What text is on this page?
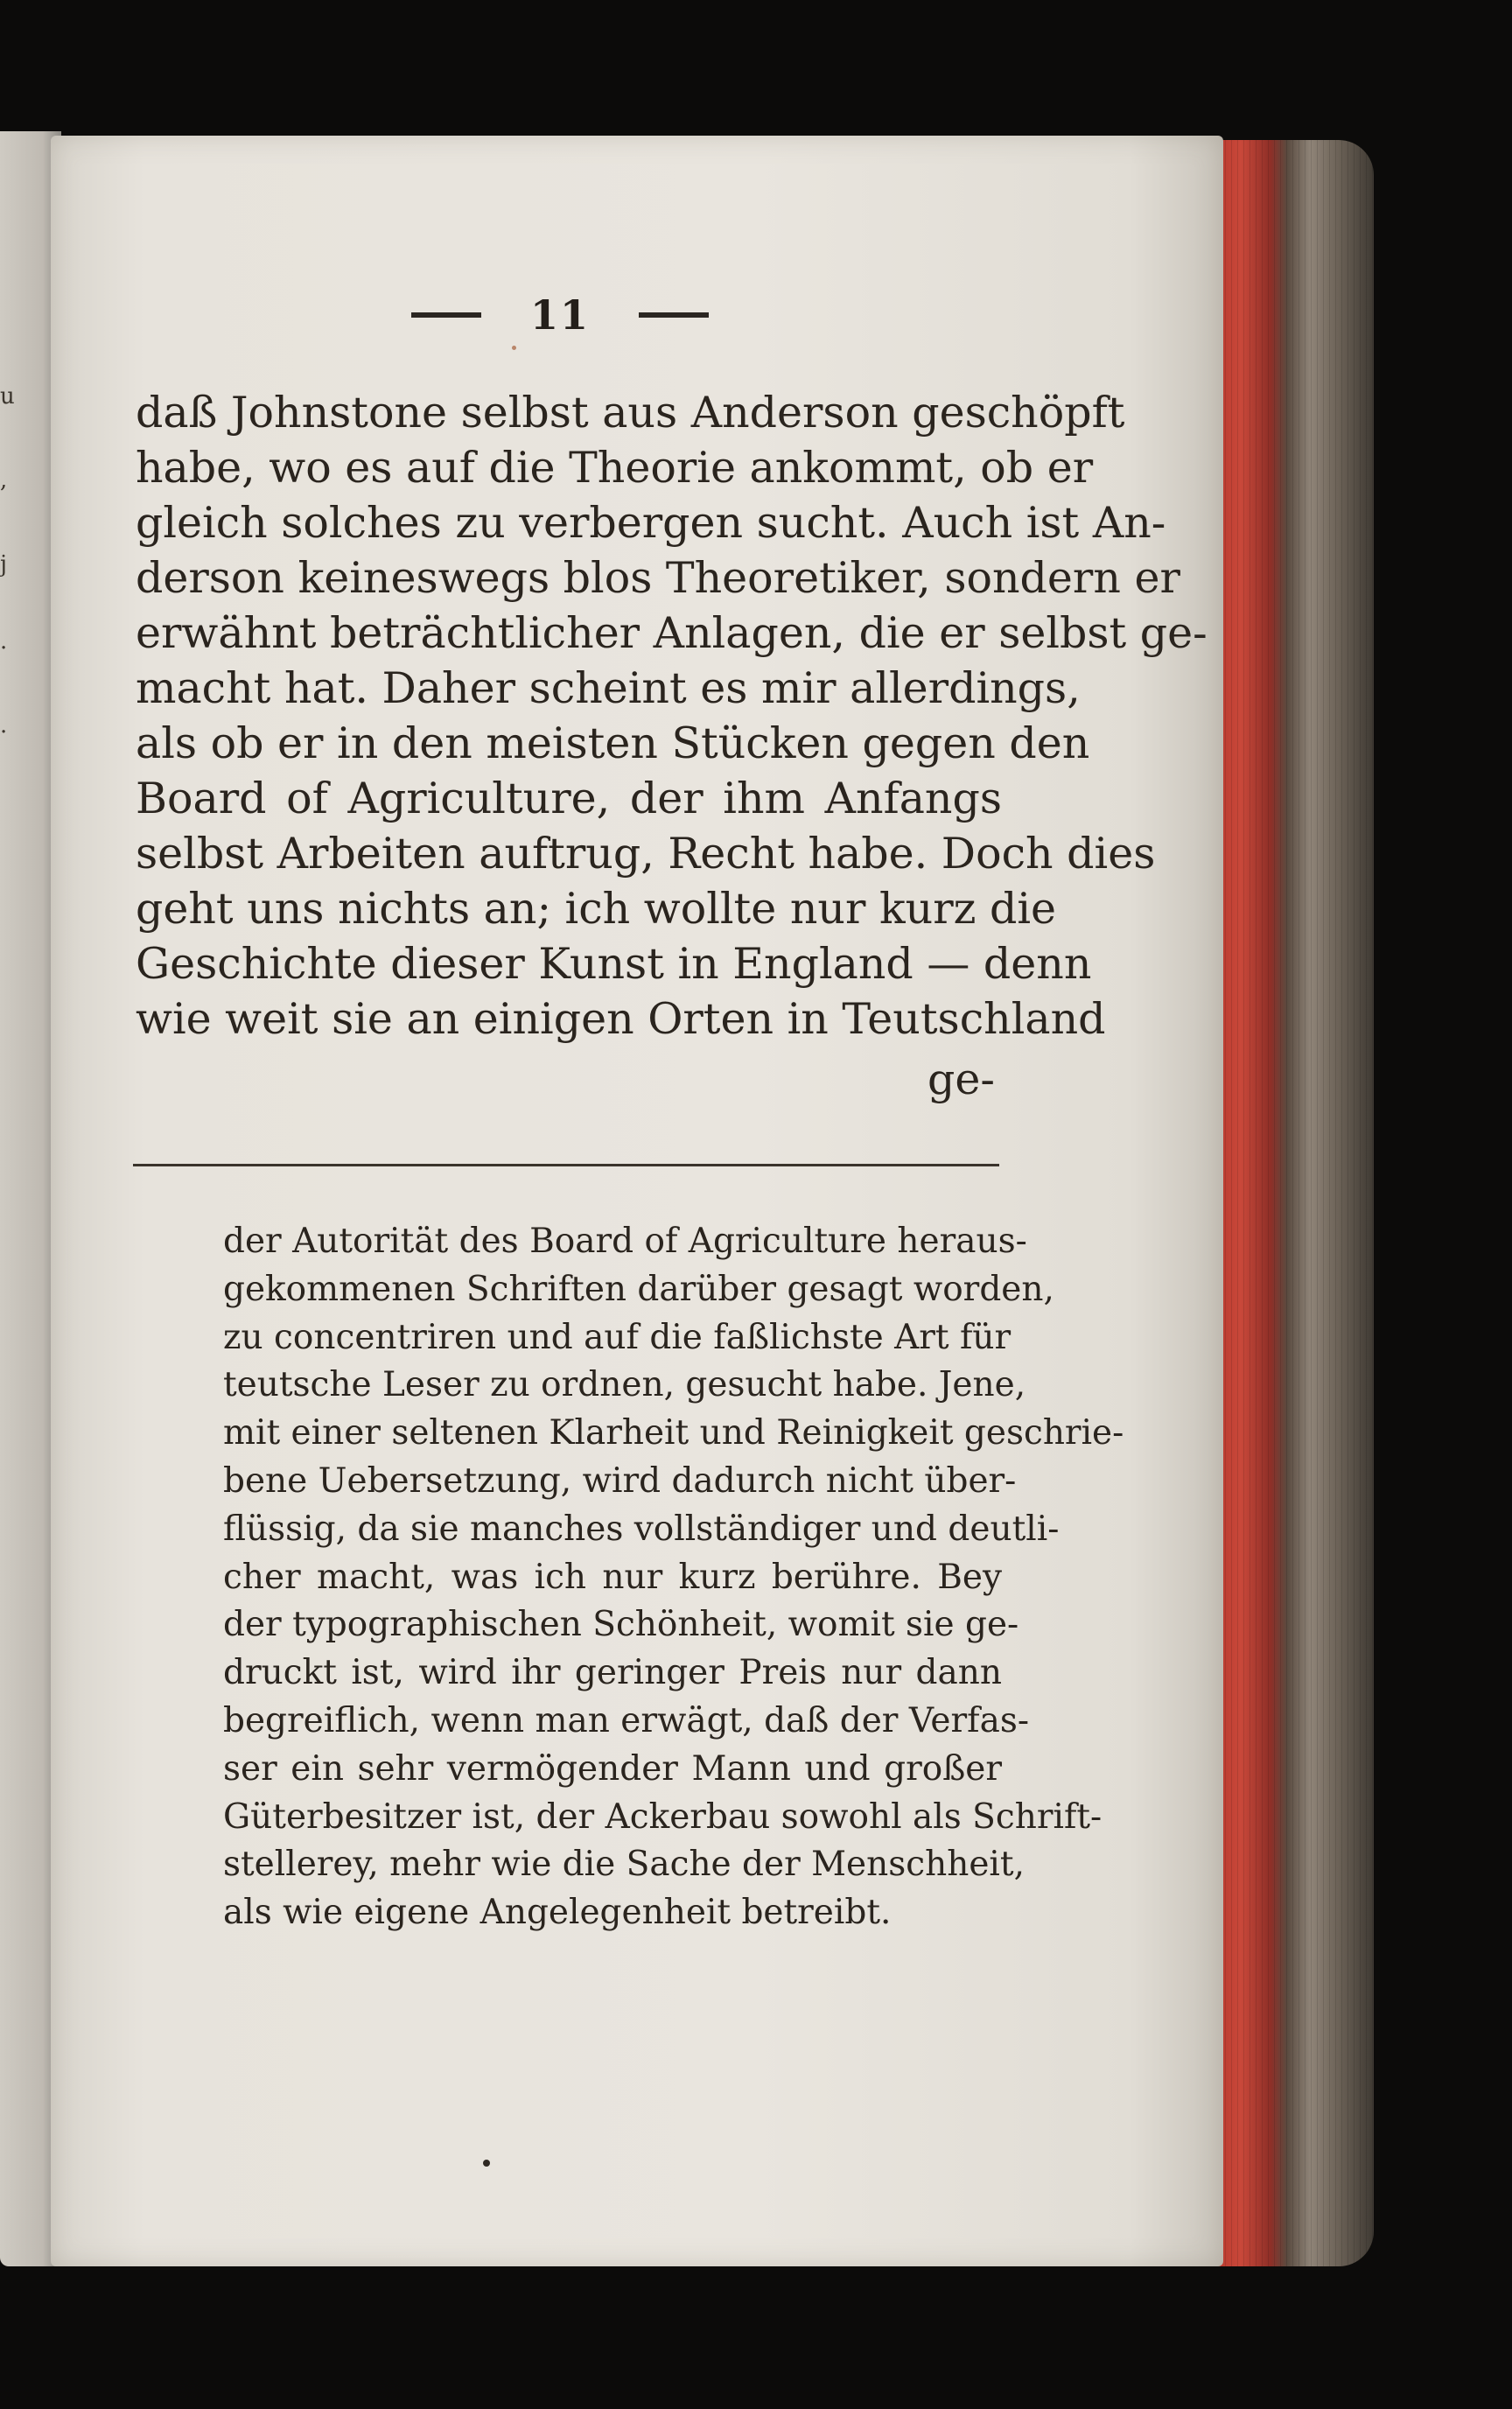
u
,
j
·
·
11
daß Johnstone selbst aus Anderson geschöpft
habe, wo es auf die Theorie ankommt, ob er
gleich solches zu verbergen sucht. Auch ist An-
derson keineswegs blos Theoretiker, sondern er
erwähnt beträchtlicher Anlagen, die er selbst ge-
macht hat. Daher scheint es mir allerdings,
als ob er in den meisten Stücken gegen den
Board of Agriculture, der ihm Anfangs
selbst Arbeiten auftrug, Recht habe. Doch dies
geht uns nichts an; ich wollte nur kurz die
Geschichte dieser Kunst in England — denn
wie weit sie an einigen Orten in Teutschland
ge-
der Autorität des Board of Agriculture heraus-
gekommenen Schriften darüber gesagt worden,
zu concentriren und auf die faßlichste Art für
teutsche Leser zu ordnen, gesucht habe. Jene,
mit einer seltenen Klarheit und Reinigkeit geschrie-
bene Uebersetzung, wird dadurch nicht über-
flüssig, da sie manches vollständiger und deutli-
cher macht, was ich nur kurz berühre. Bey
der typographischen Schönheit, womit sie ge-
druckt ist, wird ihr geringer Preis nur dann
begreiflich, wenn man erwägt, daß der Verfas-
ser ein sehr vermögender Mann und großer
Güterbesitzer ist, der Ackerbau sowohl als Schrift-
stellerey, mehr wie die Sache der Menschheit,
als wie eigene Angelegenheit betreibt.
